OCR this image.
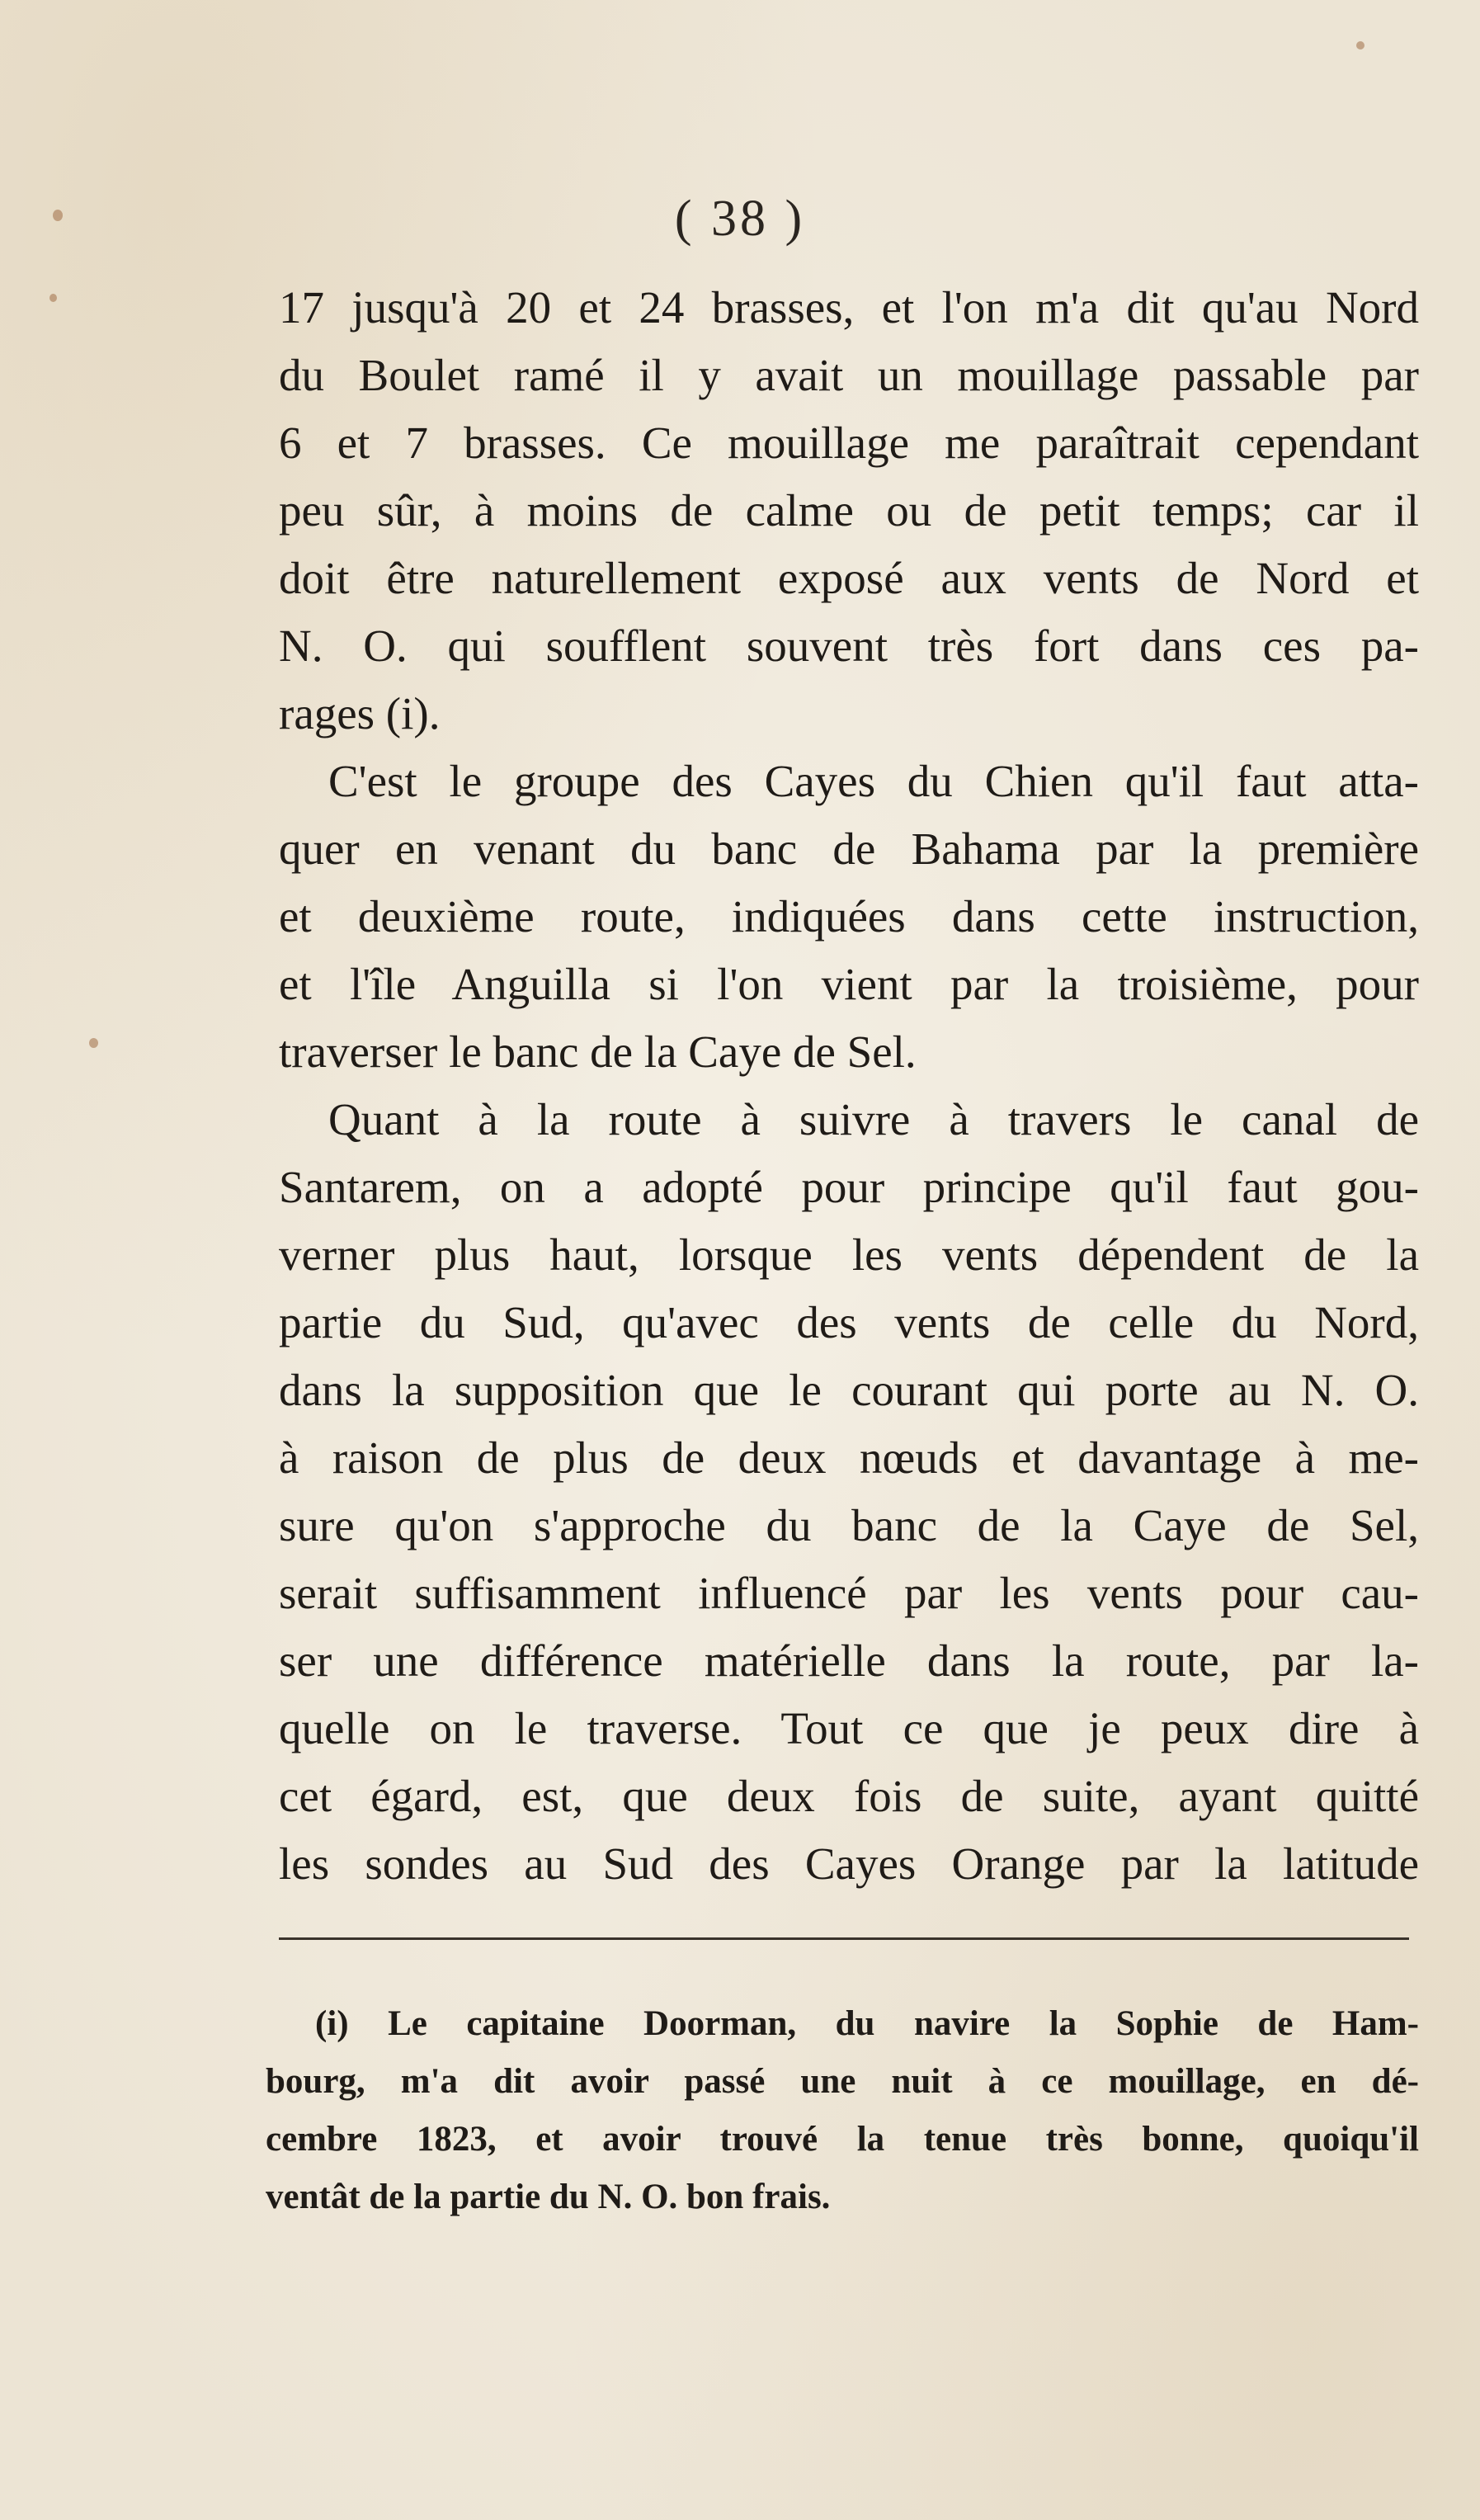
( 38 )
17 jusqu'à 20 et 24 brasses, et l'on m'a dit qu'au Nord
du Boulet ramé il y avait un mouillage passable par
6 et 7 brasses. Ce mouillage me paraîtrait cependant
peu sûr, à moins de calme ou de petit temps; car il
doit être naturellement exposé aux vents de Nord et
N. O. qui soufflent souvent très fort dans ces pa-
rages (i).
C'est le groupe des Cayes du Chien qu'il faut atta-
quer en venant du banc de Bahama par la première
et deuxième route, indiquées dans cette instruction,
et l'île Anguilla si l'on vient par la troisième, pour
traverser le banc de la Caye de Sel.
Quant à la route à suivre à travers le canal de
Santarem, on a adopté pour principe qu'il faut gou-
verner plus haut, lorsque les vents dépendent de la
partie du Sud, qu'avec des vents de celle du Nord,
dans la supposition que le courant qui porte au N. O.
à raison de plus de deux nœuds et davantage à me-
sure qu'on s'approche du banc de la Caye de Sel,
serait suffisamment influencé par les vents pour cau-
ser une différence matérielle dans la route, par la-
quelle on le traverse. Tout ce que je peux dire à
cet égard, est, que deux fois de suite, ayant quitté
les sondes au Sud des Cayes Orange par la latitude
(i) Le capitaine Doorman, du navire la Sophie de Ham-
bourg, m'a dit avoir passé une nuit à ce mouillage, en dé-
cembre 1823, et avoir trouvé la tenue très bonne, quoiqu'il
ventât de la partie du N. O. bon frais.
